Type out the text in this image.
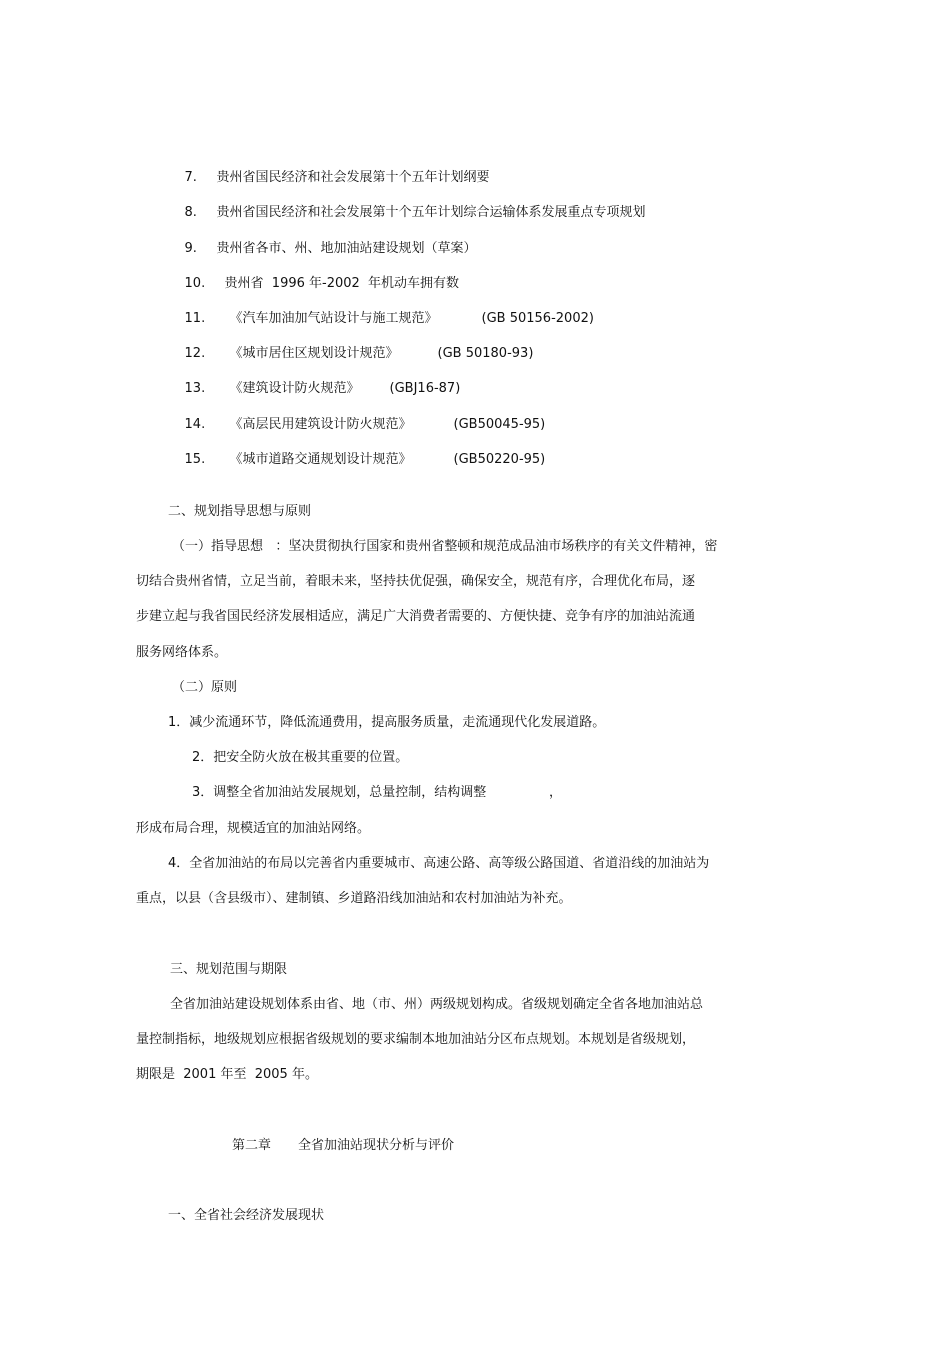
7. 贵州省国民经济和社会发展第十个五年计划纲要

8. 贵州省国民经济和社会发展第十个五年计划综合运输体系发展重点专项规划

9. 贵州省各市、州、地加油站建设规划（草案）

10. 贵州省  1996 年-2002  年机动车拥有数

11. 《汽车加油加气站设计与施工规范》	(GB 50156-2002)

12. 《城市居住区规划设计规范》	(GB 50180-93)

13. 《建筑设计防火规范》 (GBJ16-87)

14. 《高层民用建筑设计防火规范》	(GB50045-95)

15. 《城市道路交通规划设计规范》	(GB50220-95)

二、规划指导思想与原则
（一）指导思想   ：坚决贯彻执行国家和贵州省整顿和规范成品油市场秩序的有关文件精神，密
切结合贵州省情，立足当前，着眼未来，坚持扶优促强，确保安全，规范有序，合理优化布局，逐
步建立起与我省国民经济发展相适应，满足广大消费者需要的、方便快捷、竞争有序的加油站流通
服务网络体系。
（二）原则
1．减少流通环节，降低流通费用，提高服务质量，走流通现代化发展道路。
2．把安全防火放在极其重要的位置。
3．调整全省加油站发展规划，总量控制，结构调整	，
形成布局合理，规模适宜的加油站网络。
4．全省加油站的布局以完善省内重要城市、高速公路、高等级公路国道、省道沿线的加油站为
重点，以县（含县级市）、建制镇、乡道路沿线加油站和农村加油站为补充。
三、规划范围与期限
全省加油站建设规划体系由省、地（市、州）两级规划构成。省级规划确定全省各地加油站总
量控制指标，地级规划应根据省级规划的要求编制本地加油站分区布点规划。本规划是省级规划，
期限是  2001 年至  2005 年。
第二章 全省加油站现状分析与评价
一、全省社会经济发展现状
